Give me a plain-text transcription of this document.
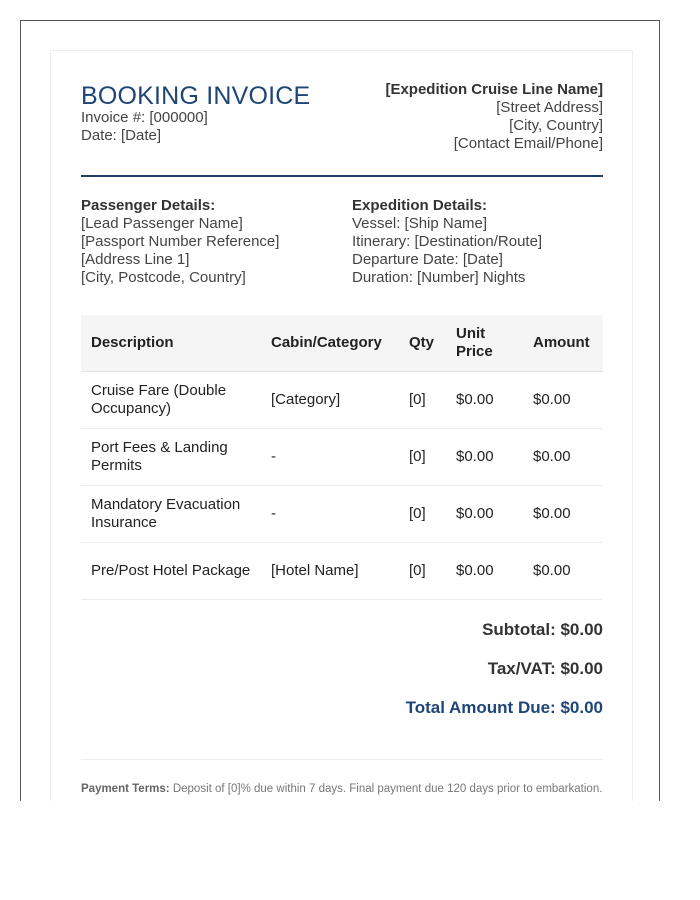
BOOKING INVOICE
Invoice #: [000000]
Date: [Date]
[Expedition Cruise Line Name]
[Street Address]
[City, Country]
[Contact Email/Phone]
Passenger Details:
[Lead Passenger Name]
[Passport Number Reference]
[Address Line 1]
[City, Postcode, Country]
Expedition Details:
Vessel: [Ship Name]
Itinerary: [Destination/Route]
Departure Date: [Date]
Duration: [Number] Nights
Description	Cabin/Category	Qty	Unit Price	Amount
Cruise Fare (Double Occupancy)	[Category]	[0]	$0.00	$0.00
Port Fees & Landing Permits	-	[0]	$0.00	$0.00
Mandatory Evacuation Insurance	-	[0]	$0.00	$0.00
Pre/Post Hotel Package	[Hotel Name]	[0]	$0.00	$0.00
Subtotal: $0.00
Tax/VAT: $0.00
Total Amount Due: $0.00
Payment Terms: Deposit of [0]% due within 7 days. Final payment due 120 days prior to embarkation.
